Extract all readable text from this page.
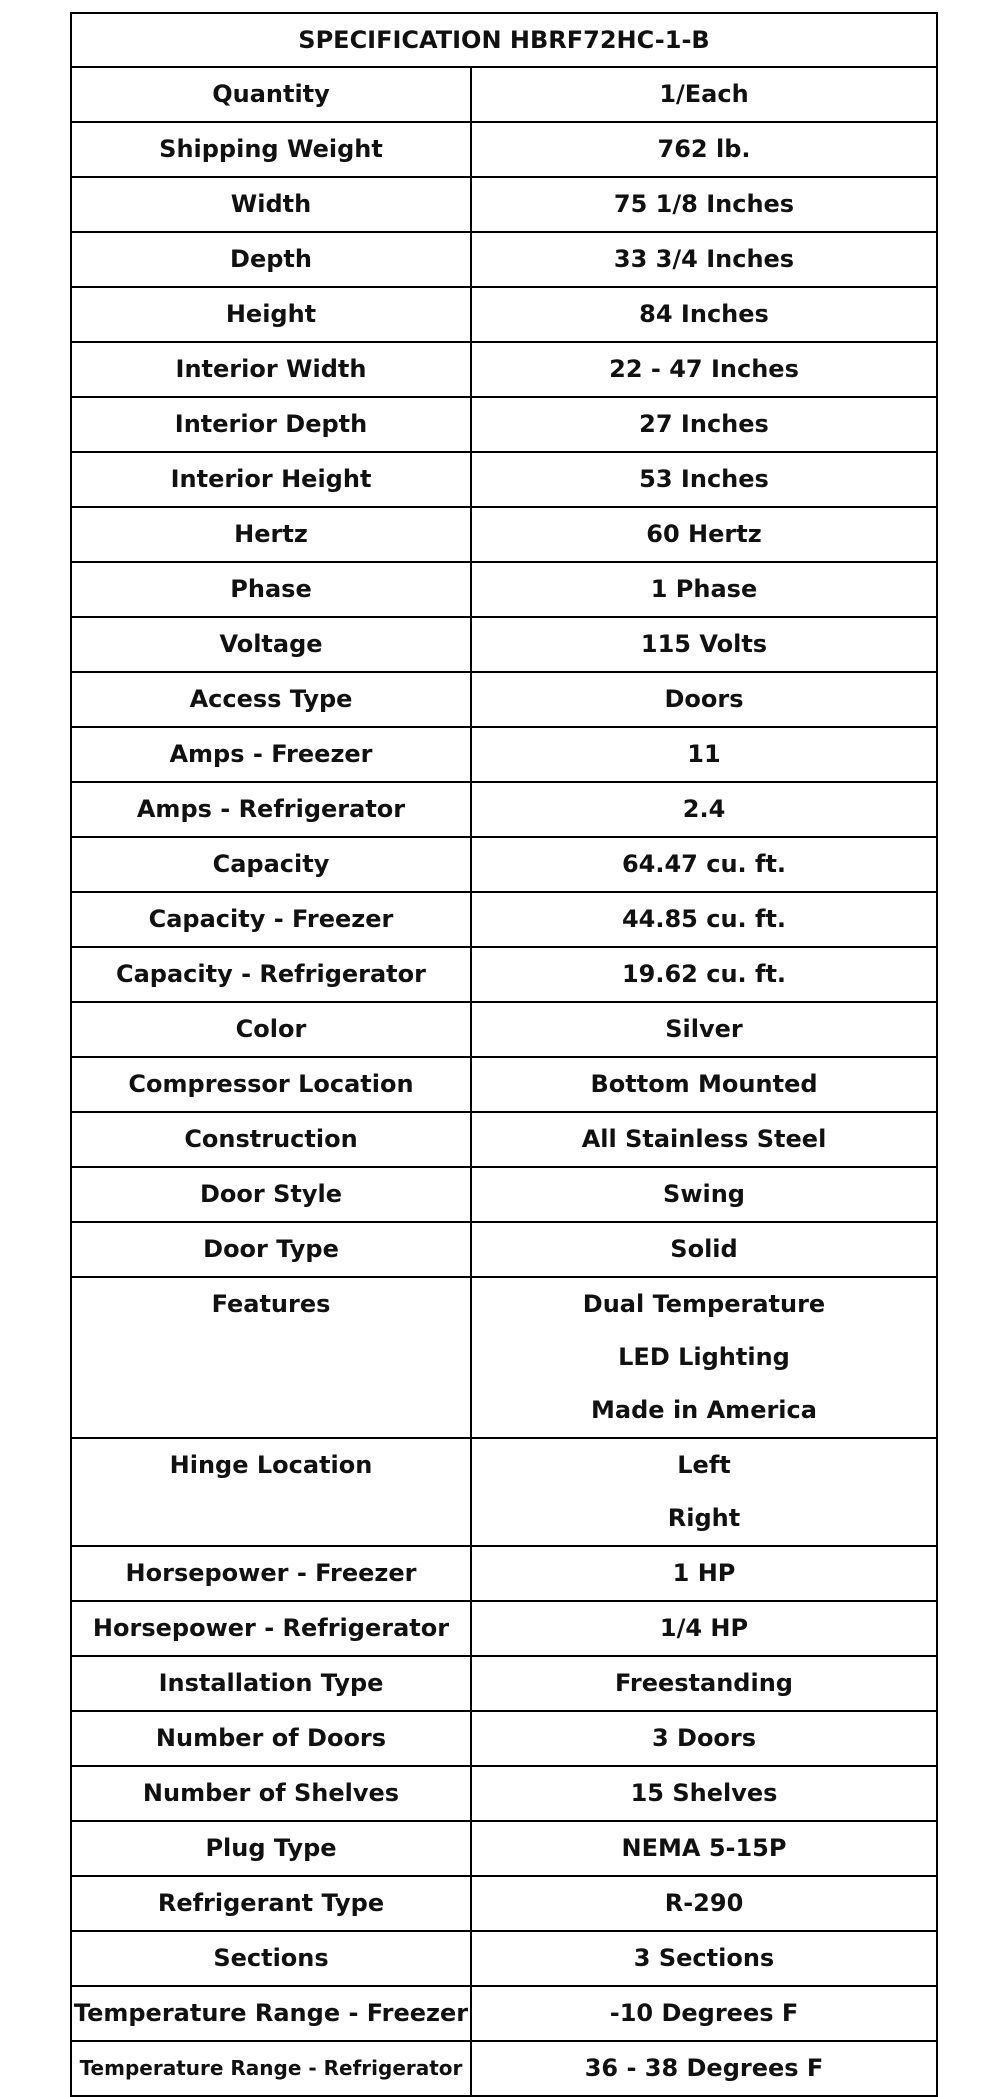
SPECIFICATION HBRF72HC-1-B	

Quantity	1/Each

Shipping Weight	762 lb.

Width	75 1/8 Inches

Depth	33 3/4 Inches

Height	84 Inches

Interior Width	22 - 47 Inches

Interior Depth	27 Inches

Interior Height	53 Inches

Hertz	60 Hertz

Phase	1 Phase

Voltage	115 Volts

Access Type	Doors

Amps - Freezer	11

Amps - Refrigerator	2.4

Capacity	64.47 cu. ft.

Capacity - Freezer	44.85 cu. ft.

Capacity - Refrigerator	19.62 cu. ft.

Color	Silver

Compressor Location	Bottom Mounted

Construction	All Stainless Steel

Door Style	Swing

Door Type	Solid

Features	Dual Temperature
LED Lighting
Made in America

Hinge Location	Left
Right

Horsepower - Freezer	1 HP

Horsepower - Refrigerator	1/4 HP

Installation Type	Freestanding

Number of Doors	3 Doors

Number of Shelves	15 Shelves

Plug Type	NEMA 5-15P

Refrigerant Type	R-290

Sections	3 Sections

Temperature Range - Freezer	-10 Degrees F

Temperature Range - Refrigerator	36 - 38 Degrees F
